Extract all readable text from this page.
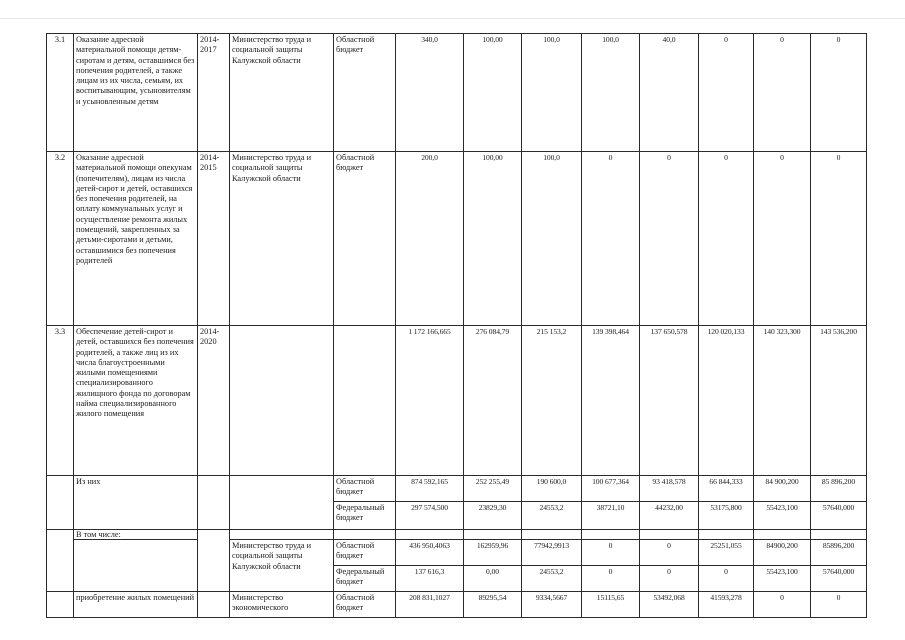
3.1	Оказание адресной материальной помощи детям-сиротам и детям, оставшимся без попечения родителей, а также лицам из их числа, семьям, их воспитывающим, усыновителям и усыновленным детям	2014-2017	Министерство труда и социальной защиты Калужской области	Областной бюджет	340,0	100,00	100,0	100,0	40,0	0	0	0
3.2	Оказание адресной материальной помощи опекунам (попечителям), лицам из числа детей-сирот и детей, оставшихся без попечения родителей, на оплату коммунальных услуг и осуществление ремонта жилых помещений, закрепленных за детьми-сиротами и детьми, оставшимися без попечения родителей	2014-2015	Министерство труда и социальной защиты Калужской области	Областной бюджет	200,0	100,00	100,0	0	0	0	0	0
3.3	Обеспечение детей-сирот и детей, оставшихся без попечения родителей, а также лиц из их числа благоустроенными жилыми помещениями специализированного жилищного фонда по договорам найма специализированного жилого помещения	2014-2020			1 172 166,665	276 084,79	215 153,2	139 398,464	137 650,578	120 020,133	140 323,300	143 536,200
	Из них			Областной бюджет	874 592,165	252 255,49	190 600,0	100 677,364	93 418,578	66 844,333	84 900,200	85 896,200
				Федеральный бюджет	297 574,500	23829,30	24553,2	38721,10	44232,00	53175,800	55423,100	57640,000
	В том числе:											
			Министерство труда и социальной защиты Калужской области	Областной бюджет	436 950,4063	162959,96	77942,9913	0	0	25251,055	84900,200	85896,200
				Федеральный бюджет	137 616,3	0,00	24553,2	0	0	0	55423,100	57640,000
	приобретение жилых помещений		Министерство экономического	Областной бюджет	208 831,1027	89295,54	9334,5667	15115,65	53492,068	41593,278	0	0
